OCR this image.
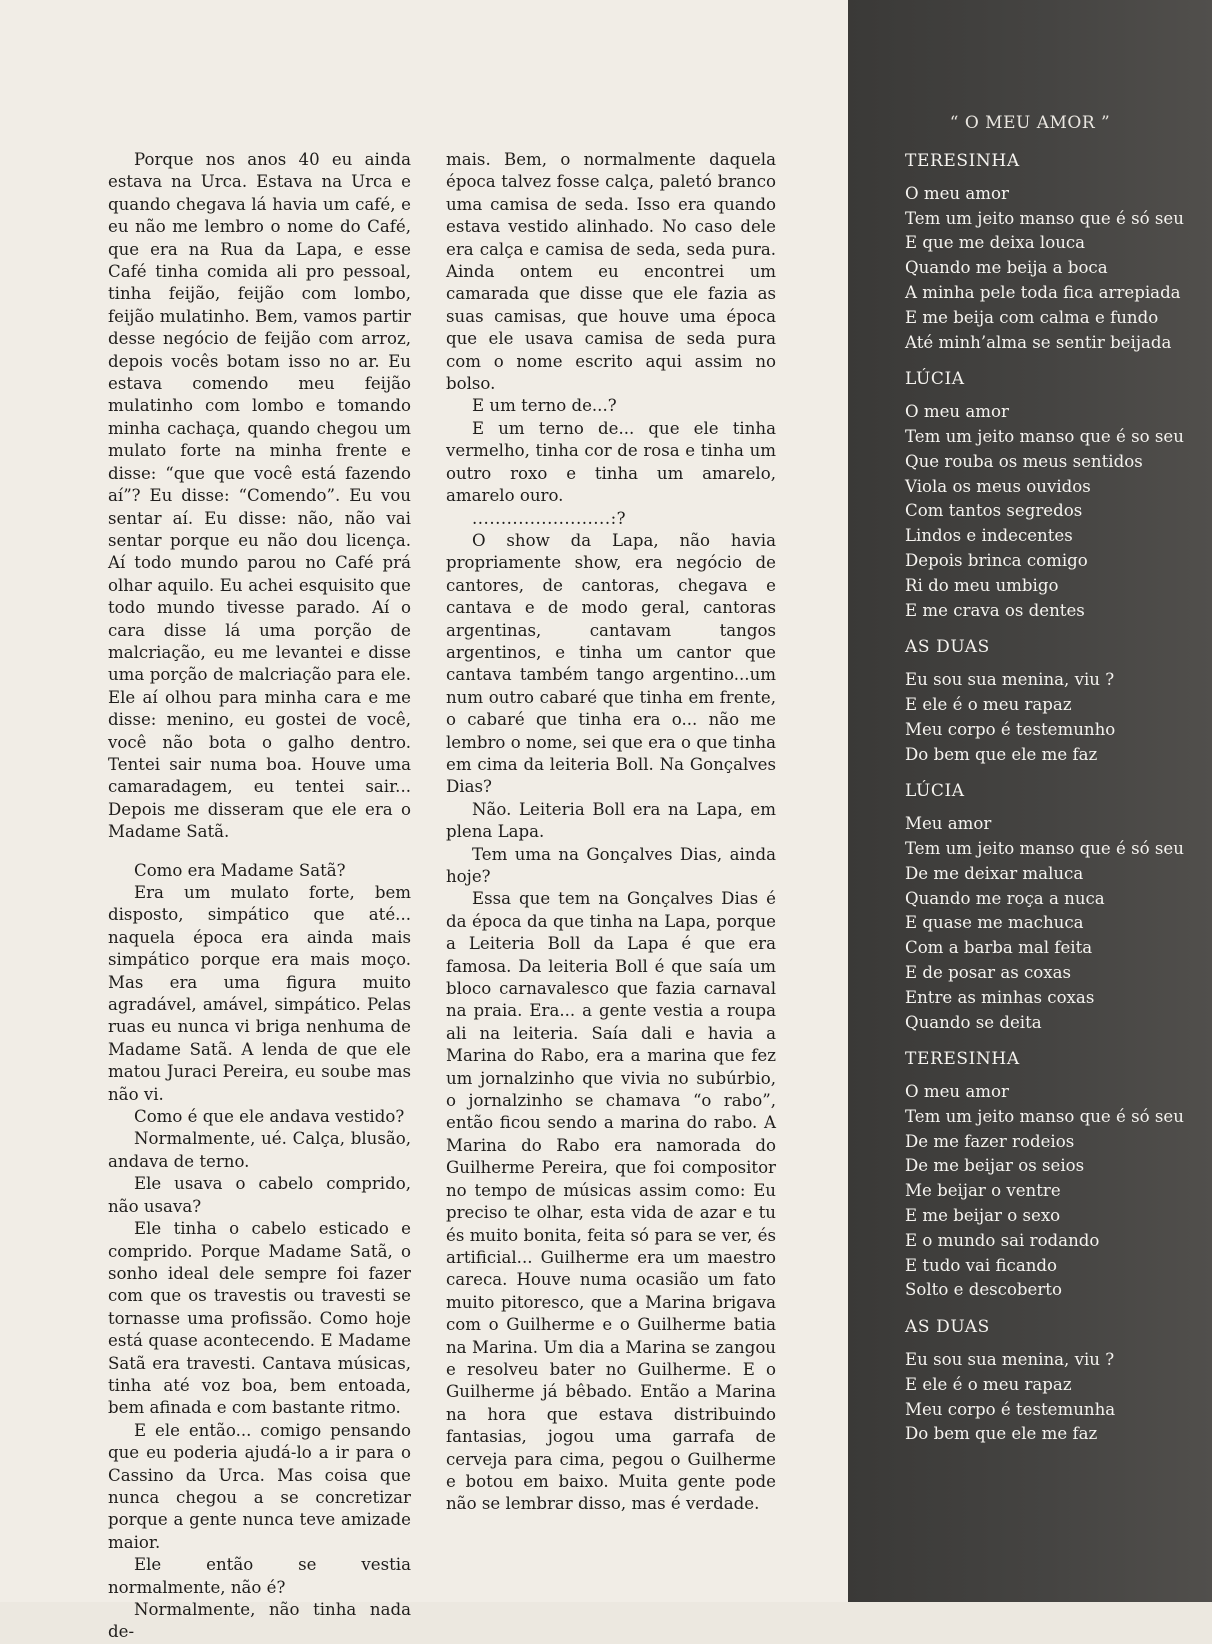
Porque nos anos 40 eu ainda estava na Urca. Estava na Urca e quando chegava lá havia um café, e eu não me lembro o nome do Café, que era na Rua da Lapa, e esse Café tinha comida ali pro pessoal, tinha feijão, feijão com lombo, feijão mulatinho. Bem, vamos partir desse negócio de feijão com arroz, depois vocês botam isso no ar. Eu estava comendo meu feijão mulatinho com lombo e tomando minha cachaça, quando chegou um mulato forte na minha frente e disse: “que que você está fazendo aí”? Eu disse: “Comendo”. Eu vou sentar aí. Eu disse: não, não vai sentar porque eu não dou licença. Aí todo mundo parou no Café prá olhar aquilo. Eu achei esquisito que todo mundo tivesse parado. Aí o cara disse lá uma porção de malcriação, eu me levantei e disse uma porção de malcriação para ele. Ele aí olhou para minha cara e me disse: menino, eu gostei de você, você não bota o galho dentro. Tentei sair numa boa. Houve uma camaradagem, eu tentei sair... Depois me disseram que ele era o Madame Satã.

Como era Madame Satã?

Era um mulato forte, bem disposto, simpático que até... naquela época era ainda mais simpático porque era mais moço. Mas era uma figura muito agradável, amável, simpático. Pelas ruas eu nunca vi briga nenhuma de Madame Satã. A lenda de que ele matou Juraci Pereira, eu soube mas não vi.

Como é que ele andava vestido?

Normalmente, ué. Calça, blusão, andava de terno.

Ele usava o cabelo comprido, não usava?

Ele tinha o cabelo esticado e comprido. Porque Madame Satã, o sonho ideal dele sempre foi fazer com que os travestis ou travesti se tornasse uma profissão. Como hoje está quase acontecendo. E Madame Satã era travesti. Cantava músicas, tinha até voz boa, bem entoada, bem afinada e com bastante ritmo.

E ele então... comigo pensando que eu poderia ajudá-lo a ir para o Cassino da Urca. Mas coisa que nunca chegou a se concretizar porque a gente nunca teve amizade maior.

Ele então se vestia normalmente, não é?

Normalmente, não tinha nada de-

mais. Bem, o normalmente daquela época talvez fosse calça, paletó branco uma camisa de seda. Isso era quando estava vestido alinhado. No caso dele era calça e camisa de seda, seda pura. Ainda ontem eu encontrei um camarada que disse que ele fazia as suas camisas, que houve uma época que ele usava camisa de seda pura com o nome escrito aqui assim no bolso.

E um terno de...?

E um terno de... que ele tinha vermelho, tinha cor de rosa e tinha um outro roxo e tinha um amarelo, amarelo ouro.

........................:?

O show da Lapa, não havia propriamente show, era negócio de cantores, de cantoras, chegava e cantava e de modo geral, cantoras argentinas, cantavam tangos argentinos, e tinha um cantor que cantava também tango argentino...um num outro cabaré que tinha em frente, o cabaré que tinha era o... não me lembro o nome, sei que era o que tinha em cima da leiteria Boll. Na Gonçalves Dias?

Não. Leiteria Boll era na Lapa, em plena Lapa.

Tem uma na Gonçalves Dias, ainda hoje?

Essa que tem na Gonçalves Dias é da época da que tinha na Lapa, porque a Leiteria Boll da Lapa é que era famosa. Da leiteria Boll é que saía um bloco carnavalesco que fazia carnaval na praia. Era... a gente vestia a roupa ali na leiteria. Saía dali e havia a Marina do Rabo, era a marina que fez um jornalzinho que vivia no subúrbio, o jornalzinho se chamava “o rabo”, então ficou sendo a marina do rabo. A Marina do Rabo era namorada do Guilherme Pereira, que foi compositor no tempo de músicas assim como: Eu preciso te olhar, esta vida de azar e tu és muito bonita, feita só para se ver, és artificial... Guilherme era um maestro careca. Houve numa ocasião um fato muito pitoresco, que a Marina brigava com o Guilherme e o Guilherme batia na Marina. Um dia a Marina se zangou e resolveu bater no Guilherme. E o Guilherme já bêbado. Então a Marina na hora que estava distribuindo fantasias, jogou uma garrafa de cerveja para cima, pegou o Guilherme e botou em baixo. Muita gente pode não se lembrar disso, mas é verdade.

“ O MEU AMOR ”
TERESINHA
O meu amor
Tem um jeito manso que é só seu
E que me deixa louca
Quando me beija a boca
A minha pele toda fica arrepiada
E me beija com calma e fundo
Até minh’alma se sentir beijada
LÚCIA
O meu amor
Tem um jeito manso que é so seu
Que rouba os meus sentidos
Viola os meus ouvidos
Com tantos segredos
Lindos e indecentes
Depois brinca comigo
Ri do meu umbigo
E me crava os dentes
AS DUAS
Eu sou sua menina, viu ?
E ele é o meu rapaz
Meu corpo é testemunho
Do bem que ele me faz
LÚCIA
Meu amor
Tem um jeito manso que é só seu
De me deixar maluca
Quando me roça a nuca
E quase me machuca
Com a barba mal feita
E de posar as coxas
Entre as minhas coxas
Quando se deita
TERESINHA
O meu amor
Tem um jeito manso que é só seu
De me fazer rodeios
De me beijar os seios
Me beijar o ventre
E me beijar o sexo
E o mundo sai rodando
E tudo vai ficando
Solto e descoberto
AS DUAS
Eu sou sua menina, viu ?
E ele é o meu rapaz
Meu corpo é testemunha
Do bem que ele me faz
